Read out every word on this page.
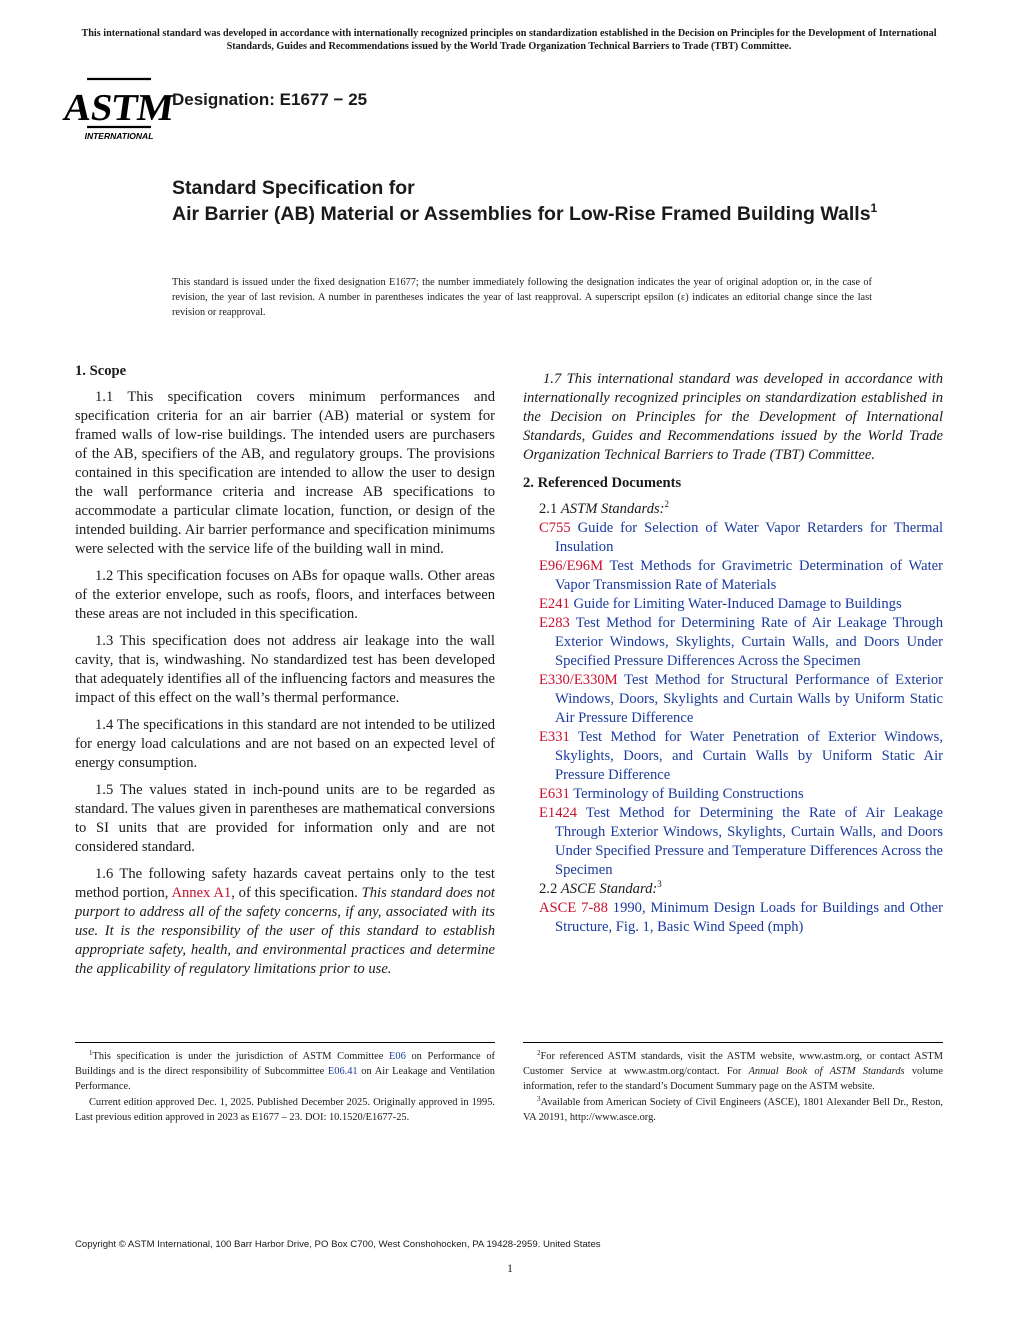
This international standard was developed in accordance with internationally recognized principles on standardization established in the Decision on Principles for the Development of International Standards, Guides and Recommendations issued by the World Trade Organization Technical Barriers to Trade (TBT) Committee.
ASTM
INTERNATIONAL
Designation: E1677 − 25
Standard Specification for
Air Barrier (AB) Material or Assemblies for Low-Rise Framed Building Walls$^1$
This standard is issued under the fixed designation E1677; the number immediately following the designation indicates the year of original adoption or, in the case of revision, the year of last revision. A number in parentheses indicates the year of last reapproval. A superscript epsilon (ε) indicates an editorial change since the last revision or reapproval.
1. Scope

1.1 This specification covers minimum performances and specification criteria for an air barrier (AB) material or system for framed walls of low-rise buildings. The intended users are purchasers of the AB, specifiers of the AB, and regulatory groups. The provisions contained in this specification are intended to allow the user to design the wall performance criteria and increase AB specifications to accommodate a particular climate location, function, or design of the intended building. Air barrier performance and specification minimums were selected with the service life of the building wall in mind.

1.2 This specification focuses on ABs for opaque walls. Other areas of the exterior envelope, such as roofs, floors, and interfaces between these areas are not included in this specification.

1.3 This specification does not address air leakage into the wall cavity, that is, windwashing. No standardized test has been developed that adequately identifies all of the influencing factors and measures the impact of this effect on the wall’s thermal performance.

1.4 The specifications in this standard are not intended to be utilized for energy load calculations and are not based on an expected level of energy consumption.

1.5 The values stated in inch-pound units are to be regarded as standard. The values given in parentheses are mathematical conversions to SI units that are provided for information only and are not considered standard.

1.6 The following safety hazards caveat pertains only to the test method portion, Annex A1, of this specification. This standard does not purport to address all of the safety concerns, if any, associated with its use. It is the responsibility of the user of this standard to establish appropriate safety, health, and environmental practices and determine the applicability of regulatory limitations prior to use.

1.7 This international standard was developed in accordance with internationally recognized principles on standardization established in the Decision on Principles for the Development of International Standards, Guides and Recommendations issued by the World Trade Organization Technical Barriers to Trade (TBT) Committee.

2. Referenced Documents
2.1 ASTM Standards:$^2$
C755 Guide for Selection of Water Vapor Retarders for Thermal Insulation
E96/E96M Test Methods for Gravimetric Determination of Water Vapor Transmission Rate of Materials
E241 Guide for Limiting Water-Induced Damage to Buildings
E283 Test Method for Determining Rate of Air Leakage Through Exterior Windows, Skylights, Curtain Walls, and Doors Under Specified Pressure Differences Across the Specimen
E330/E330M Test Method for Structural Performance of Exterior Windows, Doors, Skylights and Curtain Walls by Uniform Static Air Pressure Difference
E331 Test Method for Water Penetration of Exterior Windows, Skylights, Doors, and Curtain Walls by Uniform Static Air Pressure Difference
E631 Terminology of Building Constructions
E1424 Test Method for Determining the Rate of Air Leakage Through Exterior Windows, Skylights, Curtain Walls, and Doors Under Specified Pressure and Temperature Differences Across the Specimen
2.2 ASCE Standard:$^3$
ASCE 7-88 1990, Minimum Design Loads for Buildings and Other Structure, Fig. 1, Basic Wind Speed (mph)

$^1$This specification is under the jurisdiction of ASTM Committee E06 on Performance of Buildings and is the direct responsibility of Subcommittee E06.41 on Air Leakage and Ventilation Performance.

Current edition approved Dec. 1, 2025. Published December 2025. Originally approved in 1995. Last previous edition approved in 2023 as E1677 – 23. DOI: 10.1520/E1677-25.

$^2$For referenced ASTM standards, visit the ASTM website, www.astm.org, or contact ASTM Customer Service at www.astm.org/contact. For Annual Book of ASTM Standards volume information, refer to the standard’s Document Summary page on the ASTM website.

$^3$Available from American Society of Civil Engineers (ASCE), 1801 Alexander Bell Dr., Reston, VA 20191, http://www.asce.org.

Copyright © ASTM International, 100 Barr Harbor Drive, PO Box C700, West Conshohocken, PA 19428-2959. United States
1
